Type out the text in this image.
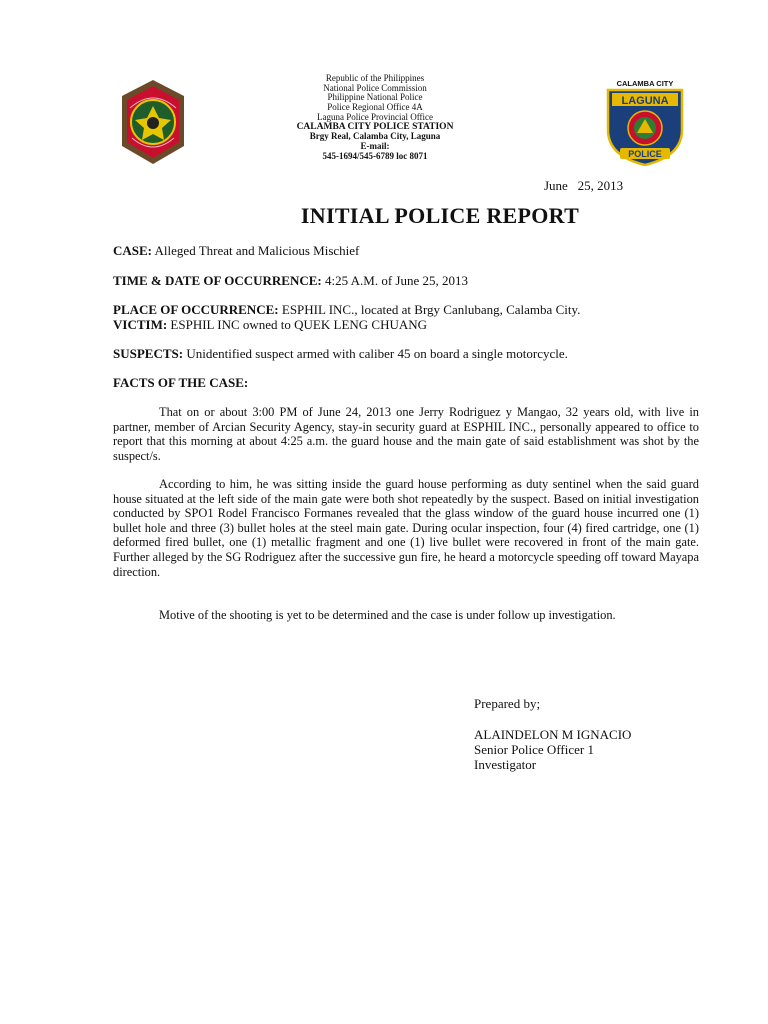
CALAMBA CITY
LAGUNA
POLICE
Republic of the Philippines
National Police Commission
Philippine National Police
Police Regional Office 4A
Laguna Police Provincial Office
CALAMBA CITY POLICE STATION
Brgy Real, Calamba City, Laguna
E-mail:
545-1694/545-6789 loc 8071
June   25, 2013
INITIAL POLICE REPORT
CASE: Alleged Threat and Malicious Mischief
TIME & DATE OF OCCURRENCE: 4:25 A.M. of June 25, 2013
PLACE OF OCCURRENCE: ESPHIL INC., located at Brgy Canlubang, Calamba City.
VICTIM: ESPHIL INC owned to QUEK LENG CHUANG
SUSPECTS: Unidentified suspect armed with caliber 45 on board a single motorcycle.
FACTS OF THE CASE:

That on or about 3:00 PM of June 24, 2013 one Jerry Rodriguez y Mangao, 32 years old, with live in partner, member of Arcian Security Agency, stay-in security guard at ESPHIL INC., personally appeared to office to report that this morning at about 4:25 a.m. the guard house and the main gate of said establishment was shot by the suspect/s.

According to him, he was sitting inside the guard house performing as duty sentinel when the said guard house situated at the left side of the main gate were both shot repeatedly by the suspect. Based on initial investigation conducted by SPO1 Rodel Francisco Formanes revealed that the glass window of the guard house incurred one (1) bullet hole and three (3) bullet holes at the steel main gate. During ocular inspection, four (4) fired cartridge, one (1) deformed fired bullet, one (1) metallic fragment and one (1) live bullet were recovered in front of the main gate. Further alleged by the SG Rodriguez after the successive gun fire, he heard a motorcycle speeding off toward Mayapa direction.

Motive of the shooting is yet to be determined and the case is under follow up investigation.

Prepared by;
ALAINDELON M IGNACIO
Senior Police Officer 1
Investigator
